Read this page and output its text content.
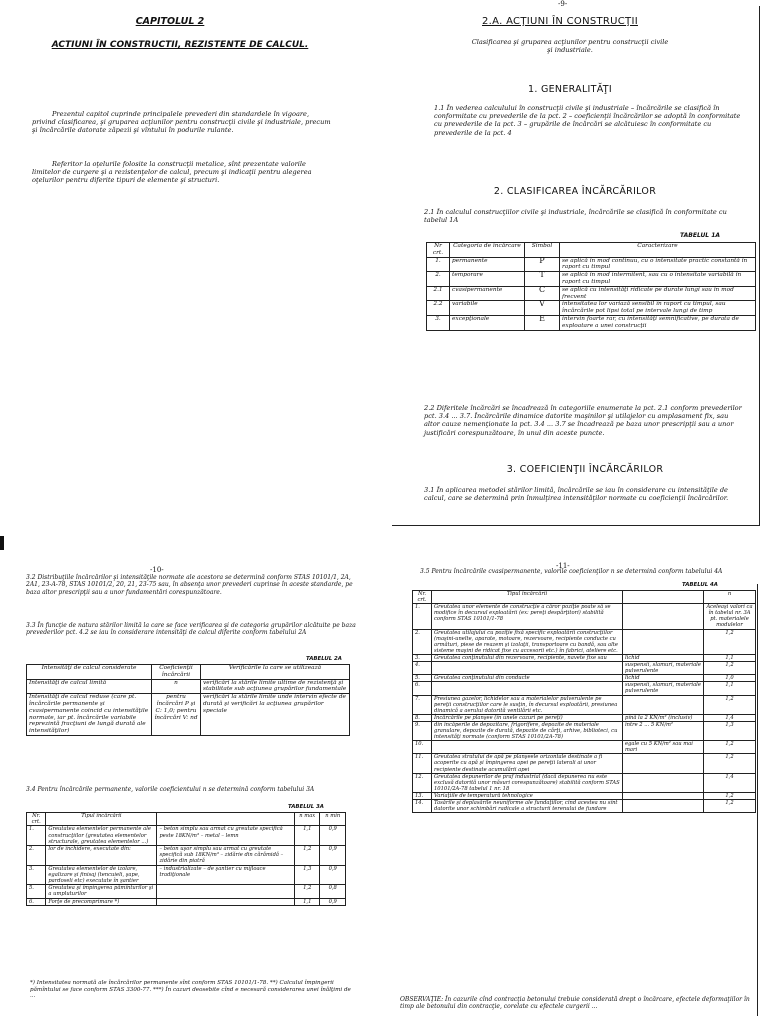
CAPITOLUL 2
ACTIUNI ÎN CONSTRUCTII, REZISTENTE DE CALCUL.
Prezentul capitol cuprinde principalele prevederi din standardele în vigoare, privind clasificarea, şi gruparea acţiunilor pentru construcţii civile şi industriale, precum şi încărcările datorate zăpezii şi vîntului în podurile rulante.
Referitor la oţelurile folosite la construcţii metalice, sînt prezentate valorile limitelor de curgere şi a rezistenţelor de calcul, precum şi indicaţii pentru alegerea oţelurilor pentru diferite tipuri de elemente şi structuri.
-9-
2.A. ACŢIUNI ÎN CONSTRUCŢII
Clasificarea şi gruparea acţiunilor pentru construcţii civile şi industriale.
1. GENERALITĂŢI
1.1 În vederea calculului în construcţii civile şi industriale – încărcările se clasifică în conformitate cu prevederile de la pct. 2 – coeficienţii încărcărilor se adoptă în conformitate cu prevederile de la pct. 3 – grupările de încărcări se alcătuiesc în conformitate cu prevederile de la pct. 4
2. CLASIFICAREA ÎNCĂRCĂRILOR
2.1 În calculul construcţiilor civile şi industriale, încărcările se clasifică în conformitate cu tabelul 1A
TABELUL 1A
Nr crt.	Categoria de încărcare	Simbol	Caracterizare
1.	permanente	P	se aplică în mod continuu, cu o intensitate practic constantă în raport cu timpul
2.	temporare	T	se aplică în mod intermitent, sau cu o intensitate variabilă în raport cu timpul
2.1	cvasipermanente	C	se aplică cu intensităţi ridicate pe durate lungi sau în mod frecvent
2.2	variabile	V	intensitatea lor variază sensibil în raport cu timpul, sau încărcările pot lipsi total pe intervale lungi de timp
3.	excepţionale	E	intervin foarte rar, cu intensităţi semnificative, pe durata de exploatare a unei construcţii
2.2 Diferitele încărcări se încadrează în categoriile enumerate la pct. 2.1 conform prevederilor pct. 3.4 ... 3.7. Încărcările dinamice datorite maşinilor şi utilajelor cu amplasament fix, sau altor cauze nemenţionate la pct. 3.4 ... 3.7 se încadrează pe baza unor prescripţii sau a unor justificări corespunzătoare, în unul din aceste puncte.
3. COEFICIENŢII ÎNCĂRCĂRILOR
3.1 În aplicarea metodei stărilor limită, încărcările se iau în considerare cu intensităţile de calcul, care se determină prin înmulţirea intensităţilor normate cu coeficienţii încărcărilor.
-10-
3.2 Distribuţiile încărcărilor şi intensităţile normate ale acestora se determină conform STAS 10101/1, 2A, 2A1, 23-A-78, STAS 10101/2, 20, 21, 23-75 sau, în absenţa unor prevederi cuprinse în aceste standarde, pe baza altor prescripţii sau a unor fundamentări corespunzătoare.
3.3 În funcţie de natura stărilor limită la care se face verificarea şi de categoria grupărilor alcătuite pe baza prevederilor pct. 4.2 se iau în considerare intensităţi de calcul diferite conform tabelului 2A
TABELUL 2A
Intensităţi de calcul considerate	Coeficienţii încărcării	Verificările la care se utilizează
Intensităţi de calcul limită	n	verificări la stările limite ultime de rezistenţă şi stabilitate sub acţiunea grupărilor fundamentale
Intensităţi de calcul reduse (care pt. încărcările permanente şi cvasipermanente coincid cu intensităţile normate, iar pt. încărcările variabile reprezintă fracţiuni de lungă durată ale intensităţilor)	pentru încărcări P şi C: 1,0; pentru încărcări V: nd	verificări la stările limite unde intervin efecte de durată şi verificări la acţiunea grupărilor speciale
3.4 Pentru încărcările permanente, valorile coeficientului n se determină conform tabelului 3A
TABELUL 3A
Nr. crt.	Tipul încărcării		n max	n min
1.	Greutatea elementelor permanente ale construcţiilor (greutatea elementelor structurale, greutatea elementelor ...)	– beton simplu sau armat cu greutate specifică peste 18KN/m³ – metal – lemn	1,1	0,9
2.	lor de închidere, executate din:	– beton uşor simplu sau armat cu greutate specifică sub 18KN/m³ – zidărie din cărămidă – zidărie din piatră	1,2	0,9
3.	Greutatea elementelor de izolare, egalizare şi finisaj (tencuieli, şape, pardoseli etc) executate în şantier	– industrializate – de şantier cu mijloace tradiţionale	1,3	0,9
5.	Greutatea şi împingerea pămînturilor şi a umpluturilor		1,2	0,8
6.	Forţe de precomprimare *)		1,1	0,9
*) Intensitatea normată ale încărcărilor permanente sînt conform STAS 10101/1-78. **) Calculul împingerii pămîntului se face conform STAS 3300-77. ***) În cazuri deosebite cînd e necesară considerarea unei înălţimi de ...
-11-
3.5 Pentru încărcările cvasipermanente, valorile coeficienţilor n se determină conform tabelului 4A
TABELUL 4A
Nr. crt.	Tipul încărcării		n
1.	Greutatea unor elemente de construcţie a căror poziţie poate să se modifice în decursul exploatării (ex: pereţi despărţitori) stabilită conform STAS 10101/1-78		Aceleaşi valori ca în tabelul nr. 3A pt. materialele modulelor
2.	Greutatea utilajului cu poziţie fixă specific exploatării construcţiilor (maşini-unelte, aparate, motoare, rezervoare, recipiente conducte cu armături, piese de reazem şi izolaţii, transportoare cu bandă, sau alte sisteme maşini de ridicat fixe cu accesorii etc.) în fabrici, ateliere etc.		1,2
3.	Greutatea conţinutului din rezervoare, recipiente, navete fixe sau	lichid	1,1
4.		suspensii, slamuri, materiale pulverulente	1,2
5.	Greutatea conţinutului din conducte	lichid	1,0
6.		suspensii, slamuri, materiale pulverulente	1,1
7.	Presiunea gazelor, lichidelor sau a materialelor pulverulente pe pereţii construcţiilor care le susţin, în decursul exploatării, presiunea dinamică a aerului datorită ventilării etc.		1,2
8.	Încărcările pe planşee (în unele cazuri pe pereţi)	pînă la 2 KN/m² (inclusiv)	1,4
9.	din încăperile de depozitare, frigorifere, depozite de materiale granulare, depozite de durată, depozite de cărţi, arhive, biblioteci, cu intensităţi normate (conform STAS 10101/2A-78)	între 2 ... 5 KN/m²	1,3
10.		egale cu 5 KN/m² sau mai mari	1,2
11.	Greutatea stratului de apă pe planşeele orizontale destinate a fi acoperite cu apă şi împingerea apei pe pereţii laterali ai unor recipiente destinate acumulării apei		1,2
12.	Greutatea depunerilor de praf industrial (dacă depunerea nu este exclusă datorită unor măsuri corespunzătoare) stabilită conform STAS 10101/2A-78 tabelul 1 nr. 18		1,4
13.	Variaţiile de temperatură tehnologice		1,2
14.	Tasările şi deplasările neuniforme ale fundaţiilor, cînd acestea nu sînt datorite unor schimbări radicale a structurii terenului de fundare		1,2
OBSERVAŢIE: În cazurile cînd contracţia betonului trebuie considerată drept o încărcare, efectele deformaţiilor în timp ale betonului din contracţie, corelate cu efectele curgerii ...
